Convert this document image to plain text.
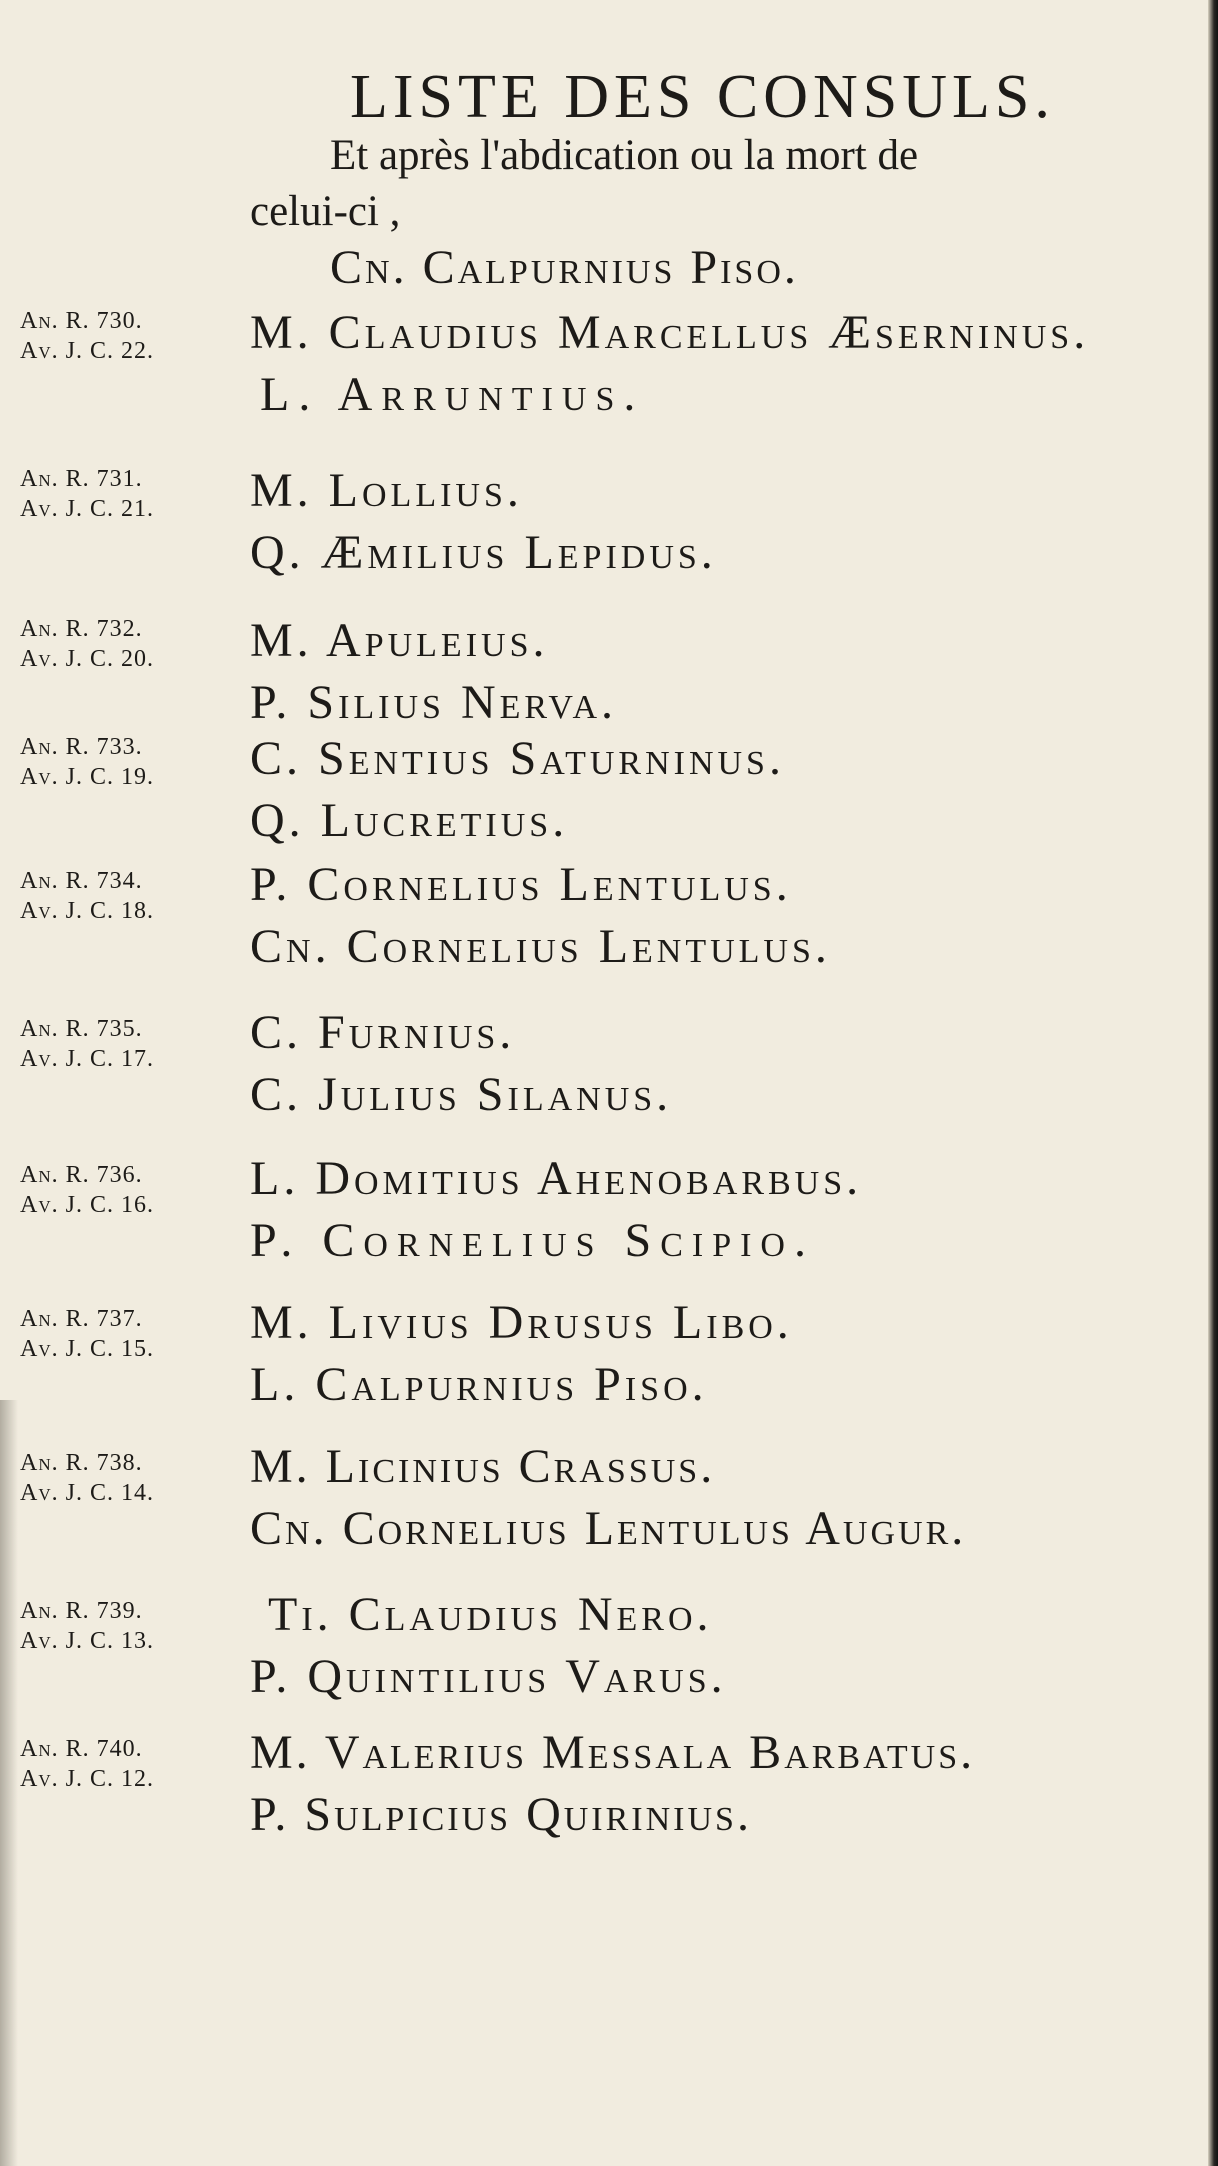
LISTE DES CONSULS.
Et après l'abdication ou la mort de
celui-ci ,
Cn. Calpurnius Piso.
An. R. 730.
Av. J. C. 22.	M. Claudius Marcellus Æserninus.
L. Arruntius.
An. R. 731.
Av. J. C. 21.	M. Lollius.
Q. Æmilius Lepidus.
An. R. 732.
Av. J. C. 20.	M. Apuleius.
P. Silius Nerva.
An. R. 733.
Av. J. C. 19.	C. Sentius Saturninus.
Q. Lucretius.
An. R. 734.
Av. J. C. 18.	P. Cornelius Lentulus.
Cn. Cornelius Lentulus.
An. R. 735.
Av. J. C. 17.	C. Furnius.
C. Julius Silanus.
An. R. 736.
Av. J. C. 16.	L. Domitius Ahenobarbus.
P. Cornelius Scipio.
An. R. 737.
Av. J. C. 15.	M. Livius Drusus Libo.
L. Calpurnius Piso.
An. R. 738.
Av. J. C. 14.	M. Licinius Crassus.
Cn. Cornelius Lentulus Augur.
An. R. 739.
Av. J. C. 13.	Ti. Claudius Nero.
P. Quintilius Varus.
An. R. 740.
Av. J. C. 12.	M. Valerius Messala Barbatus.
P. Sulpicius Quirinius.
